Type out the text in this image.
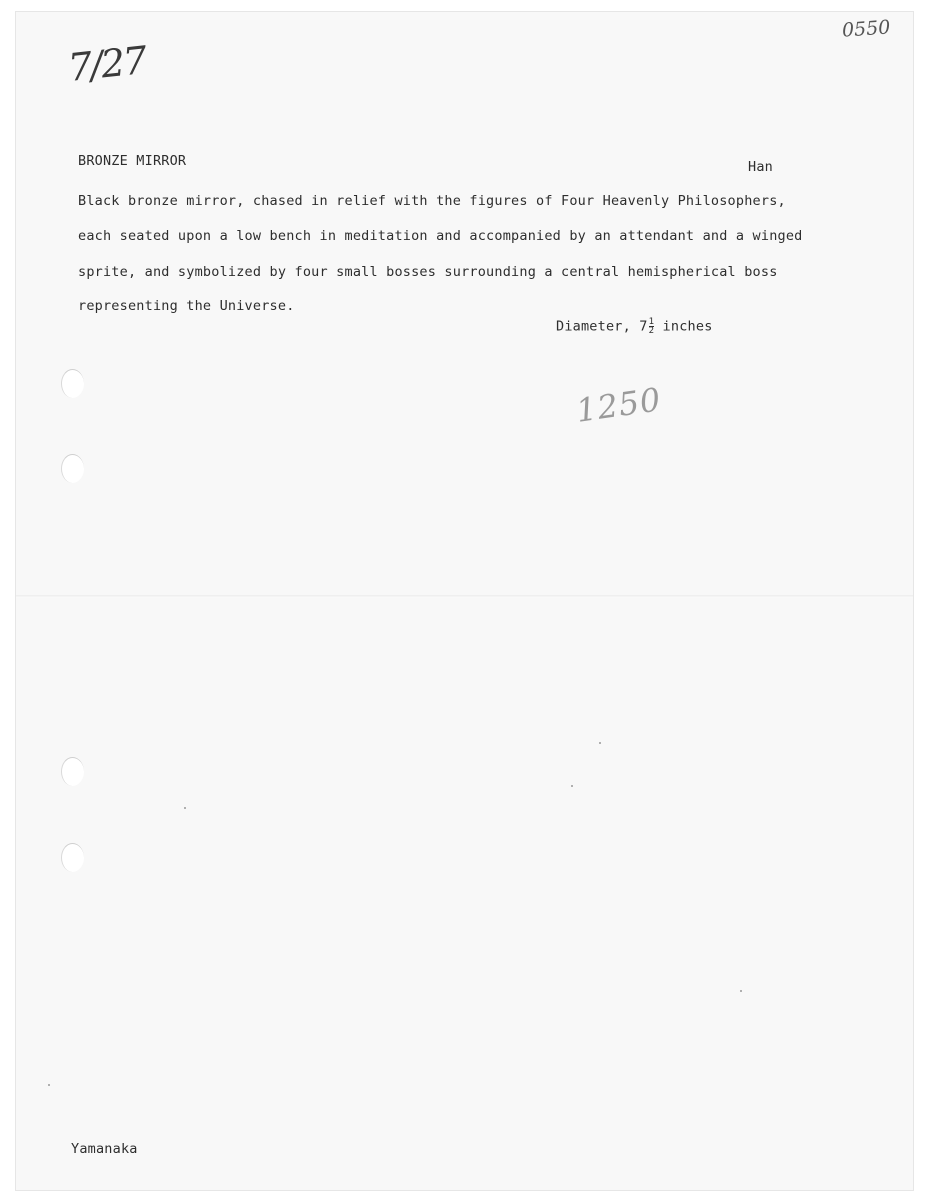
0550
7/27
BRONZE MIRROR	Han
Black bronze mirror, chased in relief with the figures of Four Heavenly Philosophers,
each seated upon a low bench in meditation and accompanied by an attendant and a winged
sprite, and symbolized by four small bosses surrounding a central hemispherical boss
representing the Universe.
Diameter, $7 \frac{1}{2}$ inches
1250
Yamanaka
